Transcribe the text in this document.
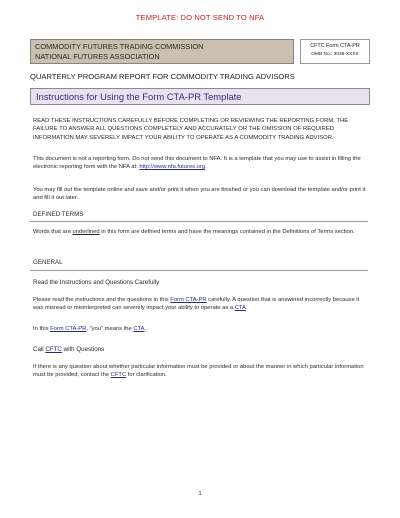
TEMPLATE: DO NOT SEND TO NFA
COMMODITY FUTURES TRADING COMMISSION
NATIONAL FUTURES ASSOCIATION
CFTC Form CTA-PR
OMB No.: 3038-XXXX
QUARTERLY PROGRAM REPORT FOR COMMODITY TRADING ADVISORS
Instructions for Using the Form CTA-PR Template
READ THESE INSTRUCTIONS CAREFULLY BEFORE COMPLETING OR REVIEWING THE REPORTING FORM. THE FAILURE TO ANSWER ALL QUESTIONS COMPLETELY AND ACCURATELY OR THE OMISSION OF REQUIRED INFORMATION MAY SEVERELY IMPACT YOUR ABILITY TO OPERATE AS A COMMODITY TRADING ADVISOR.
This document is not a reporting form. Do not send this document to NFA. It is a template that you may use to assist in filling the electronic reporting form with the NFA at: http://www.nfa.futures.org.
You may fill out the template online and save and/or print it when you are finished or you can download the template and/or print it and fill it out later.
DEFINED TERMS
Words that are underlined in this form are defined terms and have the meanings contained in the Definitions of Terms section.
GENERAL
Read the Instructions and Questions Carefully
Please read the instructions and the questions in this Form CTA-PR carefully. A question that is answered incorrectly because it was misread or misinterpreted can severely impact your ability to operate as a CTA.
In this Form CTA-PR, "you" means the CTA.
Call CFTC with Questions
If there is any question about whether particular information must be provided or about the manner in which particular information must be provided, contact the CFTC for clarification.
1
